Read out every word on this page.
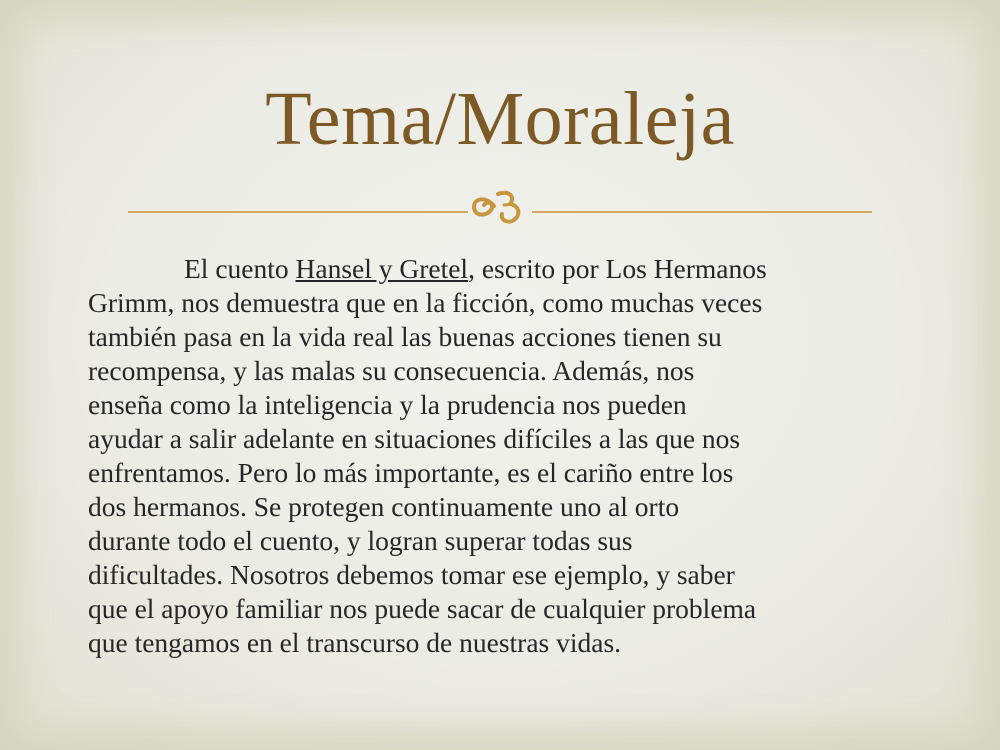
Tema/Moraleja
El cuento Hansel y Gretel, escrito por Los Hermanos
Grimm, nos demuestra que en la ficción, como muchas veces
también pasa en la vida real las buenas acciones tienen su
recompensa, y las malas su consecuencia. Además, nos
enseña como la inteligencia y la prudencia nos pueden
ayudar a salir adelante en situaciones difíciles a las que nos
enfrentamos. Pero lo más importante, es el cariño entre los
dos hermanos. Se protegen continuamente uno al orto
durante todo el cuento, y logran superar todas sus
dificultades. Nosotros debemos tomar ese ejemplo, y saber
que el apoyo familiar nos puede sacar de cualquier problema
que tengamos en el transcurso de nuestras vidas.
